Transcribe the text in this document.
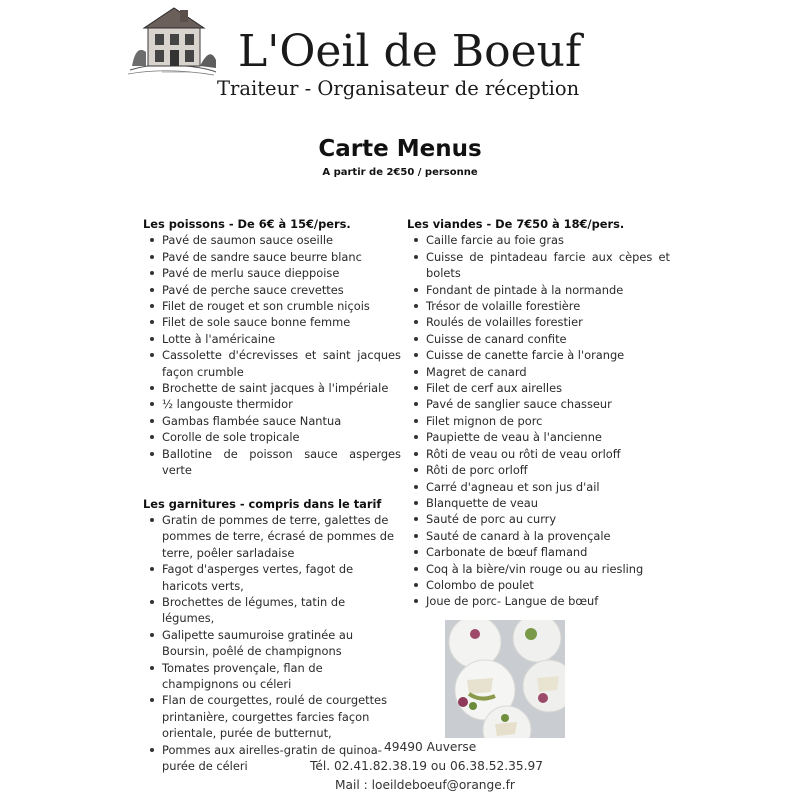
L'Oeil de Boeuf
Traiteur - Organisateur de réception
Carte Menus
A partir de 2€50 / personne

Les poissons - De 6€ à 15€/pers.

Pavé de saumon sauce oseille
Pavé de sandre sauce beurre blanc
Pavé de merlu sauce dieppoise
Pavé de perche sauce crevettes
Filet de rouget et son crumble niçois
Filet de sole sauce bonne femme
Lotte à l'américaine
Cassolette d'écrevisses et saint jacques façon crumble
Brochette de saint jacques à l'impériale
½ langouste thermidor
Gambas flambée sauce Nantua
Corolle de sole tropicale
Ballotine de poisson sauce asperges verte

Les garnitures - compris dans le tarif

Gratin de pommes de terre, galettes de pommes de terre, écrasé de pommes de terre, poêler sarladaise
Fagot d'asperges vertes, fagot de haricots verts,
Brochettes de légumes, tatin de légumes,
Galipette saumuroise gratinée au Boursin, poêlé de champignons
Tomates provençale, flan de champignons ou céleri
Flan de courgettes, roulé de courgettes printanière, courgettes farcies façon orientale, purée de butternut,
Pommes aux airelles-gratin de quinoa-purée de céleri

Les viandes - De 7€50 à 18€/pers.

Caille farcie au foie gras
Cuisse de pintadeau farcie aux cèpes et bolets
Fondant de pintade à la normande
Trésor de volaille forestière
Roulés de volailles forestier
Cuisse de canard confite
Cuisse de canette farcie à l'orange
Magret de canard
Filet de cerf aux airelles
Pavé de sanglier sauce chasseur
Filet mignon de porc
Paupiette de veau à l'ancienne
Rôti de veau ou rôti de veau orloff
Rôti de porc orloff
Carré d'agneau et son jus d'ail
Blanquette de veau
Sauté de porc au curry
Sauté de canard à la provençale
Carbonate de bœuf flamand
Coq à la bière/vin rouge ou au riesling
Colombo de poulet
Joue de porc- Langue de bœuf
49490 Auverse
Tél. 02.41.82.38.19 ou 06.38.52.35.97
Mail : loeildeboeuf@orange.fr
